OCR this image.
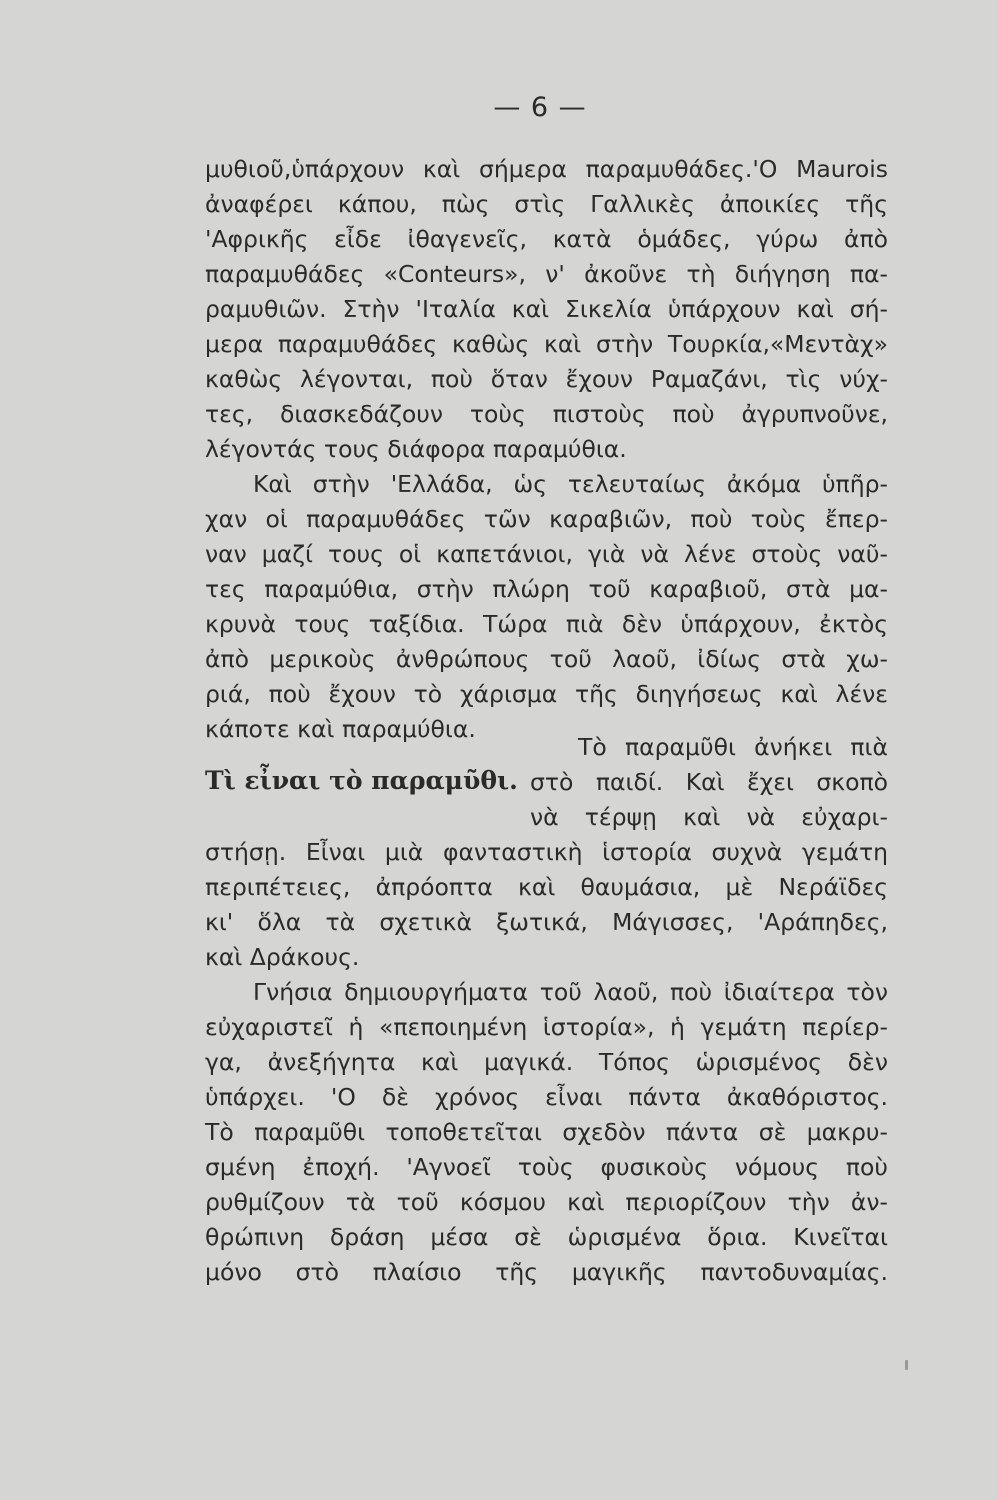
— 6 —
μυθιοῦ,ὑπάρχουν καὶ σήμερα παραμυθάδες.'Ο Maurois
ἀναφέρει κάπου, πὼς στὶς Γαλλικὲς ἀποικίες τῆς
'Αφρικῆς εἶδε ἰθαγενεῖς, κατὰ ὁμάδες, γύρω ἀπὸ
παραμυθάδες «Conteurs», ν' ἀκοῦνε τὴ διήγηση πα-
ραμυθιῶν. Στὴν 'Ιταλία καὶ Σικελία ὑπάρχουν καὶ σή-
μερα παραμυθάδες καθὼς καὶ στὴν Τουρκία,«Μεντὰχ»
καθὼς λέγονται, ποὺ ὅταν ἔχουν Ραμαζάνι, τὶς νύχ-
τες, διασκεδάζουν τοὺς πιστοὺς ποὺ ἀγρυπνοῦνε,
λέγοντάς τους διάφορα παραμύθια.
Καὶ στὴν 'Ελλάδα, ὡς τελευταίως ἀκόμα ὑπῆρ-
χαν οἱ παραμυθάδες τῶν καραβιῶν, ποὺ τοὺς ἔπερ-
ναν μαζί τους οἱ καπετάνιοι, γιὰ νὰ λένε στοὺς ναῦ-
τες παραμύθια, στὴν πλώρη τοῦ καραβιοῦ, στὰ μα-
κρυνὰ τους ταξίδια. Τώρα πιὰ δὲν ὑπάρχουν, ἐκτὸς
ἀπὸ μερικοὺς ἀνθρώπους τοῦ λαοῦ, ἰδίως στὰ χω-
ριά, ποὺ ἔχουν τὸ χάρισμα τῆς διηγήσεως καὶ λένε
κάποτε καὶ παραμύθια.
Τὶ εἶναι τὸ παραμῦθι.
Τὸ παραμῦθι ἀνήκει πιὰ
στὸ παιδί. Καὶ ἔχει σκοπὸ
νὰ τέρψῃ καὶ νὰ εὐχαρι-
στήσῃ. Εἶναι μιὰ φανταστικὴ ἱστορία συχνὰ γεμάτη
περιπέτειες, ἀπρόοπτα καὶ θαυμάσια, μὲ Νεράϊδες
κι' ὅλα τὰ σχετικὰ ξωτικά, Μάγισσες, 'Αράπηδες,
καὶ Δράκους.
Γνήσια δημιουργήματα τοῦ λαοῦ, ποὺ ἰδιαίτερα τὸν
εὐχαριστεῖ ἡ «πεποιημένη ἱστορία», ἡ γεμάτη περίερ-
γα, ἀνεξήγητα καὶ μαγικά. Τόπος ὡρισμένος δὲν
ὑπάρχει. 'Ο δὲ χρόνος εἶναι πάντα ἀκαθόριστος.
Τὸ παραμῦθι τοποθετεῖται σχεδὸν πάντα σὲ μακρυ-
σμένη ἐποχή. 'Αγνοεῖ τοὺς φυσικοὺς νόμους ποὺ
ρυθμίζουν τὰ τοῦ κόσμου καὶ περιορίζουν τὴν ἀν-
θρώπινη δράση μέσα σὲ ὡρισμένα ὅρια. Κινεῖται
μόνο στὸ πλαίσιο τῆς μαγικῆς παντοδυναμίας.
